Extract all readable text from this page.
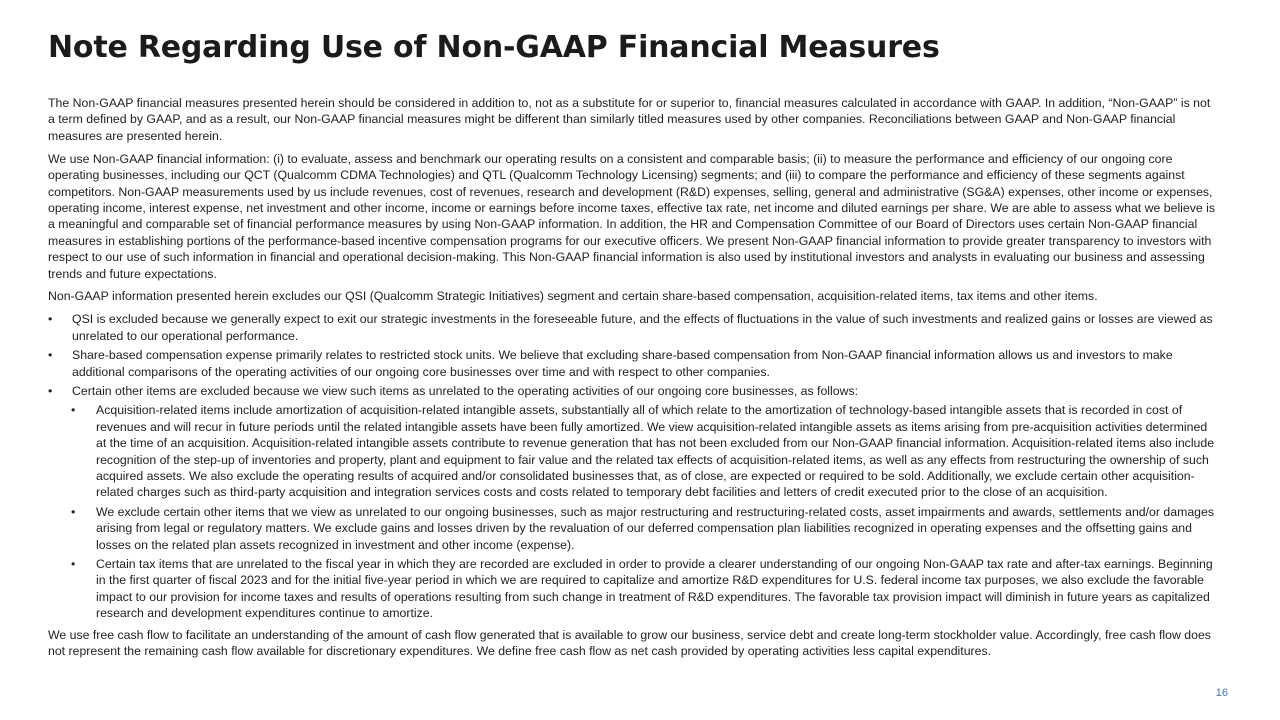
Note Regarding Use of Non-GAAP Financial Measures

The Non-GAAP financial measures presented herein should be considered in addition to, not as a substitute for or superior to, financial measures calculated in accordance with GAAP. In addition, “Non-GAAP” is not a term defined by GAAP, and as a result, our Non-GAAP financial measures might be different than similarly titled measures used by other companies. Reconciliations between GAAP and Non-GAAP financial measures are presented herein.

We use Non-GAAP financial information: (i) to evaluate, assess and benchmark our operating results on a consistent and comparable basis; (ii) to measure the performance and efficiency of our ongoing core operating businesses, including our QCT (Qualcomm CDMA Technologies) and QTL (Qualcomm Technology Licensing) segments; and (iii) to compare the performance and efficiency of these segments against competitors. Non-GAAP measurements used by us include revenues, cost of revenues, research and development (R&D) expenses, selling, general and administrative (SG&A) expenses, other income or expenses, operating income, interest expense, net investment and other income, income or earnings before income taxes, effective tax rate, net income and diluted earnings per share. We are able to assess what we believe is a meaningful and comparable set of financial performance measures by using Non-GAAP information. In addition, the HR and Compensation Committee of our Board of Directors uses certain Non-GAAP financial measures in establishing portions of the performance-based incentive compensation programs for our executive officers. We present Non-GAAP financial information to provide greater transparency to investors with respect to our use of such information in financial and operational decision-making. This Non-GAAP financial information is also used by institutional investors and analysts in evaluating our business and assessing trends and future expectations.

Non-GAAP information presented herein excludes our QSI (Qualcomm Strategic Initiatives) segment and certain share-based compensation, acquisition-related items, tax items and other items.

• QSI is excluded because we generally expect to exit our strategic investments in the foreseeable future, and the effects of fluctuations in the value of such investments and realized gains or losses are viewed as unrelated to our operational performance.
• Share-based compensation expense primarily relates to restricted stock units. We believe that excluding share-based compensation from Non-GAAP financial information allows us and investors to make additional comparisons of the operating activities of our ongoing core businesses over time and with respect to other companies.
• Certain other items are excluded because we view such items as unrelated to the operating activities of our ongoing core businesses, as follows:
• Acquisition-related items include amortization of acquisition-related intangible assets, substantially all of which relate to the amortization of technology-based intangible assets that is recorded in cost of revenues and will recur in future periods until the related intangible assets have been fully amortized. We view acquisition-related intangible assets as items arising from pre-acquisition activities determined at the time of an acquisition. Acquisition-related intangible assets contribute to revenue generation that has not been excluded from our Non-GAAP financial information. Acquisition-related items also include recognition of the step-up of inventories and property, plant and equipment to fair value and the related tax effects of acquisition-related items, as well as any effects from restructuring the ownership of such acquired assets. We also exclude the operating results of acquired and/or consolidated businesses that, as of close, are expected or required to be sold. Additionally, we exclude certain other acquisition-related charges such as third-party acquisition and integration services costs and costs related to temporary debt facilities and letters of credit executed prior to the close of an acquisition.
• We exclude certain other items that we view as unrelated to our ongoing businesses, such as major restructuring and restructuring-related costs, asset impairments and awards, settlements and/or damages arising from legal or regulatory matters. We exclude gains and losses driven by the revaluation of our deferred compensation plan liabilities recognized in operating expenses and the offsetting gains and losses on the related plan assets recognized in investment and other income (expense).
• Certain tax items that are unrelated to the fiscal year in which they are recorded are excluded in order to provide a clearer understanding of our ongoing Non-GAAP tax rate and after-tax earnings. Beginning in the first quarter of fiscal 2023 and for the initial five-year period in which we are required to capitalize and amortize R&D expenditures for U.S. federal income tax purposes, we also exclude the favorable impact to our provision for income taxes and results of operations resulting from such change in treatment of R&D expenditures. The favorable tax provision impact will diminish in future years as capitalized research and development expenditures continue to amortize.

We use free cash flow to facilitate an understanding of the amount of cash flow generated that is available to grow our business, service debt and create long-term stockholder value. Accordingly, free cash flow does not represent the remaining cash flow available for discretionary expenditures. We define free cash flow as net cash provided by operating activities less capital expenditures.

16
